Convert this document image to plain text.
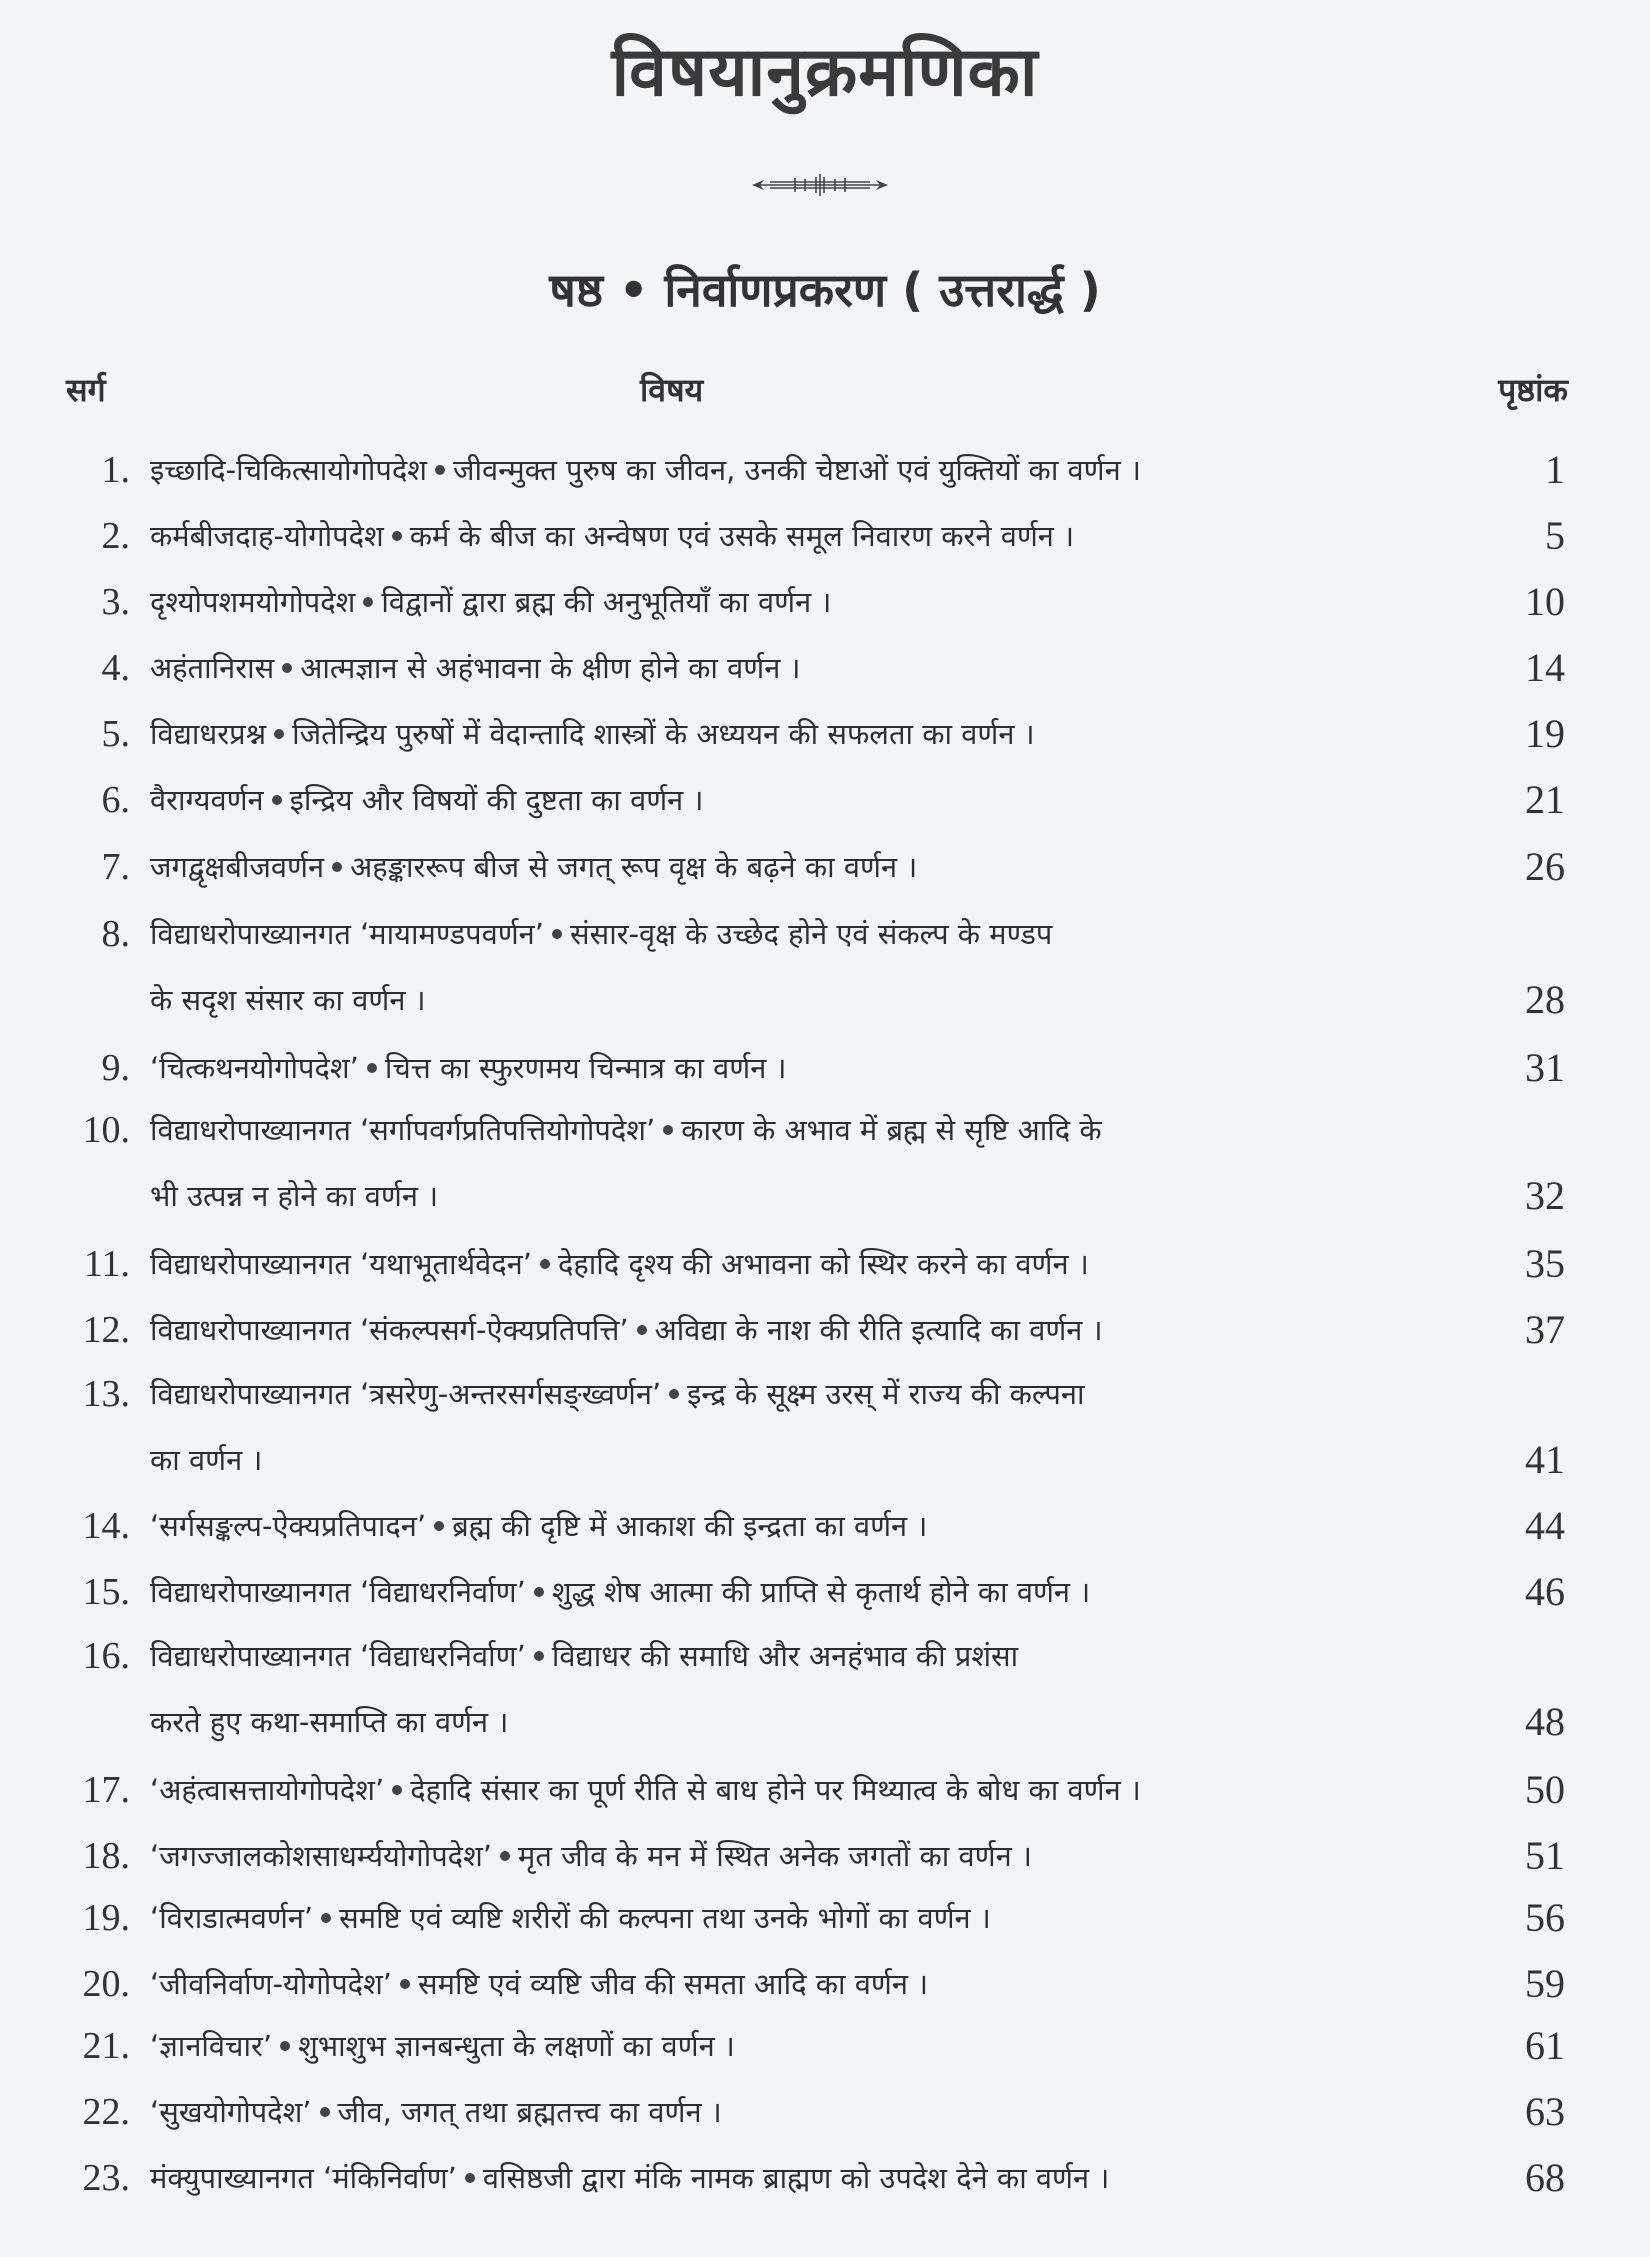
विषयानुक्रमणिका
षष्ठ • निर्वाणप्रकरण ( उत्तरार्द्ध )
सर्ग	विषय	पृष्ठांक
1. इच्छादि-चिकित्सायोगोपदेश जीवन्मुक्त पुरुष का जीवन, उनकी चेष्टाओं एवं युक्तियों का वर्णन ।	1
2. कर्मबीजदाह-योगोपदेश कर्म के बीज का अन्वेषण एवं उसके समूल निवारण करने वर्णन ।	5
3. दृश्योपशमयोगोपदेश विद्वानों द्वारा ब्रह्म की अनुभूतियाँ का वर्णन ।	10
4. अहंतानिरास आत्मज्ञान से अहंभावना के क्षीण होने का वर्णन ।	14
5. विद्याधरप्रश्न जितेन्द्रिय पुरुषों में वेदान्तादि शास्त्रों के अध्ययन की सफलता का वर्णन ।	19
6. वैराग्यवर्णन इन्द्रिय और विषयों की दुष्टता का वर्णन ।	21
7. जगद्वृक्षबीजवर्णन अहङ्काररूप बीज से जगत् रूप वृक्ष के बढ़ने का वर्णन ।	26
8. विद्याधरोपाख्यानगत ‘मायामण्डपवर्णन’ संसार-वृक्ष के उच्छेद होने एवं संकल्प के मण्डप
के सदृश संसार का वर्णन ।	28
9. ‘चित्कथनयोगोपदेश’ चित्त का स्फुरणमय चिन्मात्र का वर्णन ।	31
10. विद्याधरोपाख्यानगत ‘सर्गापवर्गप्रतिपत्तियोगोपदेश’ कारण के अभाव में ब्रह्म से सृष्टि आदि के
भी उत्पन्न न होने का वर्णन ।	32
11. विद्याधरोपाख्यानगत ‘यथाभूतार्थवेदन’ देहादि दृश्य की अभावना को स्थिर करने का वर्णन ।	35
12. विद्याधरोपाख्यानगत ‘संकल्पसर्ग-ऐक्यप्रतिपत्ति’ अविद्या के नाश की रीति इत्यादि का वर्णन ।	37
13. विद्याधरोपाख्यानगत ‘त्रसरेणु-अन्तरसर्गसङ्ख्वर्णन’ इन्द्र के सूक्ष्म उरस् में राज्य की कल्पना
का वर्णन ।	41
14. ‘सर्गसङ्कल्प-ऐक्यप्रतिपादन’ ब्रह्म की दृष्टि में आकाश की इन्द्रता का वर्णन ।	44
15. विद्याधरोपाख्यानगत ‘विद्याधरनिर्वाण’ शुद्ध शेष आत्मा की प्राप्ति से कृतार्थ होने का वर्णन ।	46
16. विद्याधरोपाख्यानगत ‘विद्याधरनिर्वाण’ विद्याधर की समाधि और अनहंभाव की प्रशंसा
करते हुए कथा-समाप्ति का वर्णन ।	48
17. ‘अहंत्वासत्तायोगोपदेश’ देहादि संसार का पूर्ण रीति से बाध होने पर मिथ्यात्व के बोध का वर्णन ।	50
18. ‘जगज्जालकोशसाधर्म्ययोगोपदेश’ मृत जीव के मन में स्थित अनेक जगतों का वर्णन ।	51
19. ‘विराडात्मवर्णन’ समष्टि एवं व्यष्टि शरीरों की कल्पना तथा उनके भोगों का वर्णन ।	56
20. ‘जीवनिर्वाण-योगोपदेश’ समष्टि एवं व्यष्टि जीव की समता आदि का वर्णन ।	59
21. ‘ज्ञानविचार’ शुभाशुभ ज्ञानबन्धुता के लक्षणों का वर्णन ।	61
22. ‘सुखयोगोपदेश’ जीव, जगत् तथा ब्रह्मतत्त्व का वर्णन ।	63
23. मंक्युपाख्यानगत ‘मंकिनिर्वाण’ वसिष्ठजी द्वारा मंकि नामक ब्राह्मण को उपदेश देने का वर्णन ।	68
